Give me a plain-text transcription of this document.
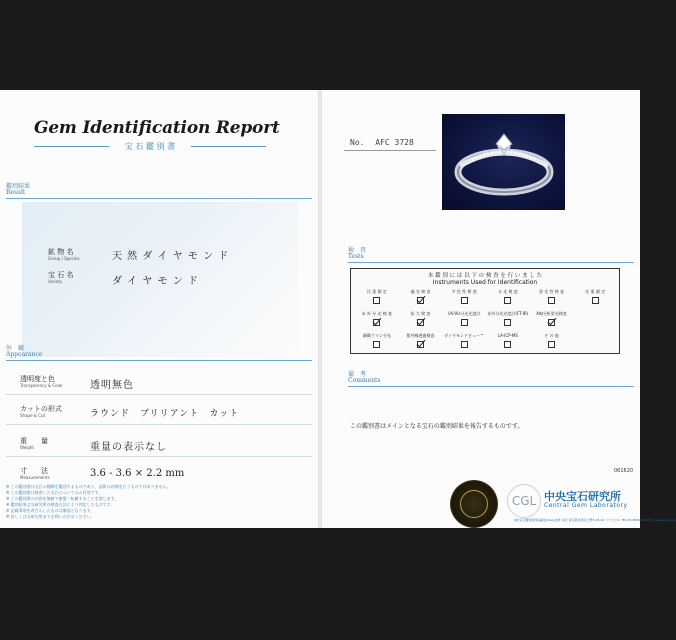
Gem Identification Report
宝 石 鑑 別 書
鑑別結果
Result
鉱 物 名
Group / Species	天 然 ダ イ ヤ モ ン ド
宝 石 名
Variety	ダ イ ヤ モ ン ド
外　観
Appearance
透明度と色
Transparency & Color	透明無色
カットの形式
Shape & Cut	ラウンド　ブリリアント　カット
重　　量
Weight	重量の表示なし
寸　　法
Measurements	3.6 - 3.6 × 2.2 mm
※ この鑑別書は宝石の種類を鑑別するものであり、品質の評価を行うものではありません。
※ この鑑別書は検査した宝石についてのみ有効です。
※ この鑑別書の内容を無断で複製・転載することを禁じます。
※ 鑑別結果は当研究所の検査方法により判定したものです。
※ 記載事項を改ざんしたものは無効となります。
※ 詳しくは当研究所までお問い合わせください。
No. AFC 3728
検　査
Tests
本 鑑 別 に は 以 下 の 検 査 を 行 い ま し た
Instruments Used for Identification
比 重 測 定	偏 光 検 査	多 色 性 検 査	分 光 検 査	蛍 光 性 検 査	比 重 測 定
赤 外 分 光 検 査	拡 大 検 査	UV-Vis分光光度計	赤外分光光度計(FT-IR)	X線分析蛍光検査
顕微ラマン分光	紫外線透過検査	ダイヤモンドビュー™	LA-ICP-MS	そ の 他
備　考
Comments
この鑑別書はメインとなる宝石の鑑別結果を報告するものです。
061620
CGL 中央宝石研究所
Central Gem Laboratory
(株)宝石鑑別団体協議会(AGL)会員 本社 東京都台東区上野5-15-14 ミヤビビル TEL.03-3836-1627(代) www.cgl.co.jp
